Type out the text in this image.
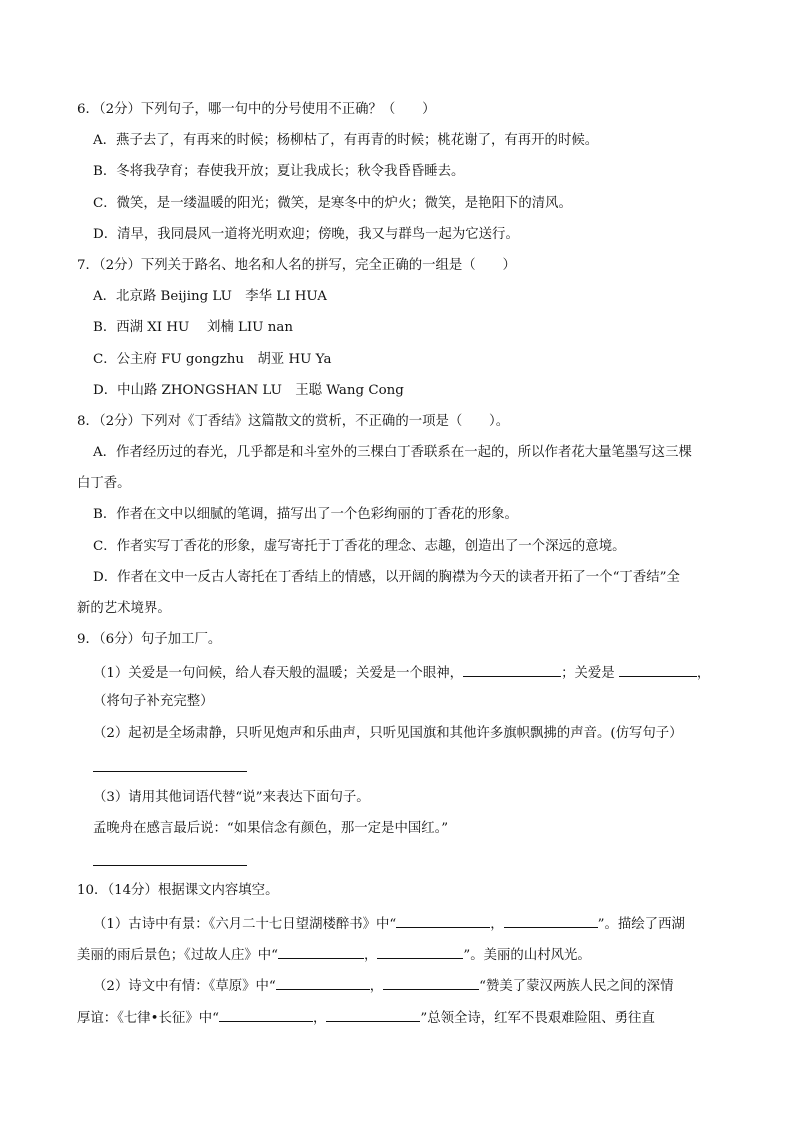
6．（2分）下列句子，哪一句中的分号使用不正确？（　　）
A．燕子去了，有再来的时候；杨柳枯了，有再青的时候；桃花谢了，有再开的时候。
B．冬将我孕育；春使我开放；夏让我成长；秋令我昏昏睡去。
C．微笑，是一缕温暖的阳光；微笑，是寒冬中的炉火；微笑，是艳阳下的清风。
D．清早，我同晨风一道将光明欢迎；傍晚，我又与群鸟一起为它送行。
7．（2分）下列关于路名、地名和人名的拼写，完全正确的一组是（　　）
A．北京路 Beijing LU　李华 LI HUA
B．西湖 XI HU　 刘楠 LIU nan
C．公主府 FU gongzhu　胡亚 HU Ya
D．中山路 ZHONGSHAN LU　王聪 Wang Cong
8．（2分）下列对《丁香结》这篇散文的赏析，不正确的一项是（　　）。
A．作者经历过的春光，几乎都是和斗室外的三棵白丁香联系在一起的，所以作者花大量笔墨写这三棵
白丁香。
B．作者在文中以细腻的笔调，描写出了一个色彩绚丽的丁香花的形象。
C．作者实写丁香花的形象，虚写寄托于丁香花的理念、志趣，创造出了一个深远的意境。
D．作者在文中一反古人寄托在丁香结上的情感，以开阔的胸襟为今天的读者开拓了一个“丁香结”全
新的艺术境界。
9．（6分）句子加工厂。
（1）关爱是一句问候，给人春天般的温暖；关爱是一个眼神，	；关爱是	，
（将句子补充完整）
（2）起初是全场肃静，只听见炮声和乐曲声，只听见国旗和其他许多旗帜飘拂的声音。(仿写句子）
（3）请用其他词语代替“说”来表达下面句子。
孟晚舟在感言最后说：“如果信念有颜色，那一定是中国红。”
10．（14分）根据课文内容填空。
（1）古诗中有景：《六月二十七日望湖楼醉书》中“	，	”。描绘了西湖
美丽的雨后景色；《过故人庄》中“	，	”。美丽的山村风光。
（2）诗文中有情：《草原》中“	，	“赞美了蒙汉两族人民之间的深情
厚谊：《七律•长征》中“	，	”总领全诗，红军不畏艰难险阻、勇往直
